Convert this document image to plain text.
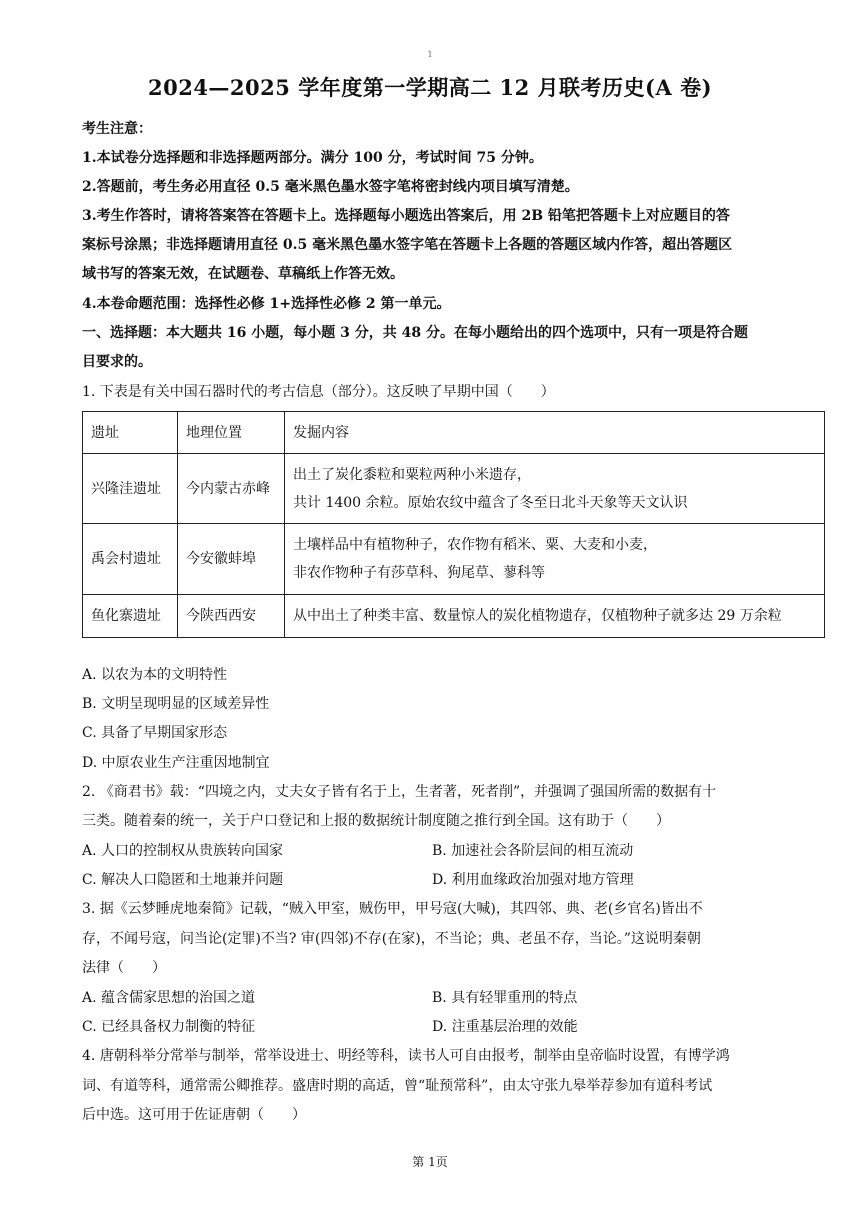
1
2024—2025 学年度第一学期高二 12 月联考历史(A 卷)
考生注意：
1.本试卷分选择题和非选择题两部分。满分 100 分，考试时间 75 分钟。
2.答题前，考生务必用直径 0.5 毫米黑色墨水签字笔将密封线内项目填写清楚。
3.考生作答时，请将答案答在答题卡上。选择题每小题选出答案后，用 2B 铅笔把答题卡上对应题目的答
案标号涂黑；非选择题请用直径 0.5 毫米黑色墨水签字笔在答题卡上各题的答题区域内作答，超出答题区
域书写的答案无效，在试题卷、草稿纸上作答无效。
4.本卷命题范围：选择性必修 1+选择性必修 2 第一单元。
一、选择题：本大题共 16 小题，每小题 3 分，共 48 分。在每小题给出的四个选项中，只有一项是符合题
目要求的。
1. 下表是有关中国石器时代的考古信息（部分）。这反映了早期中国（　　）
遗址	地理位置	发掘内容
兴隆洼遗址	今内蒙古赤峰	出土了炭化黍粒和粟粒两种小米遗存，
共计 1400 余粒。原始农纹中蕴含了冬至日北斗天象等天文认识

禹会村遗址	今安徽蚌埠	土壤样品中有植物种子，农作物有稻米、粟、大麦和小麦，
非农作物种子有莎草科、狗尾草、蓼科等

鱼化寨遗址	今陕西西安	从中出土了种类丰富、数量惊人的炭化植物遗存，仅植物种子就多达 29 万余粒
A. 以农为本的文明特性
B. 文明呈现明显的区域差异性
C. 具备了早期国家形态
D. 中原农业生产注重因地制宜
2. 《商君书》载：“四境之内，丈夫女子皆有名于上，生者著，死者削”，并强调了强国所需的数据有十
三类。随着秦的统一，关于户口登记和上报的数据统计制度随之推行到全国。这有助于（　　）
A. 人口的控制权从贵族转向国家	B. 加速社会各阶层间的相互流动
C. 解决人口隐匿和土地兼并问题	D. 利用血缘政治加强对地方管理
3. 据《云梦睡虎地秦简》记载，“贼入甲室，贼伤甲，甲号寇(大喊)，其四邻、典、老(乡官名)皆出不
存，不闻号寇，问当论(定罪)不当? 审(四邻)不存(在家)，不当论；典、老虽不存，当论。”这说明秦朝
法律（　　）
A. 蕴含儒家思想的治国之道	B. 具有轻罪重刑的特点
C. 已经具备权力制衡的特征	D. 注重基层治理的效能
4. 唐朝科举分常举与制举，常举设进士、明经等科，读书人可自由报考，制举由皇帝临时设置，有博学鸿
词、有道等科，通常需公卿推荐。盛唐时期的高适，曾“耻预常科”，由太守张九皋举荐参加有道科考试
后中选。这可用于佐证唐朝（　　）
第 1页
